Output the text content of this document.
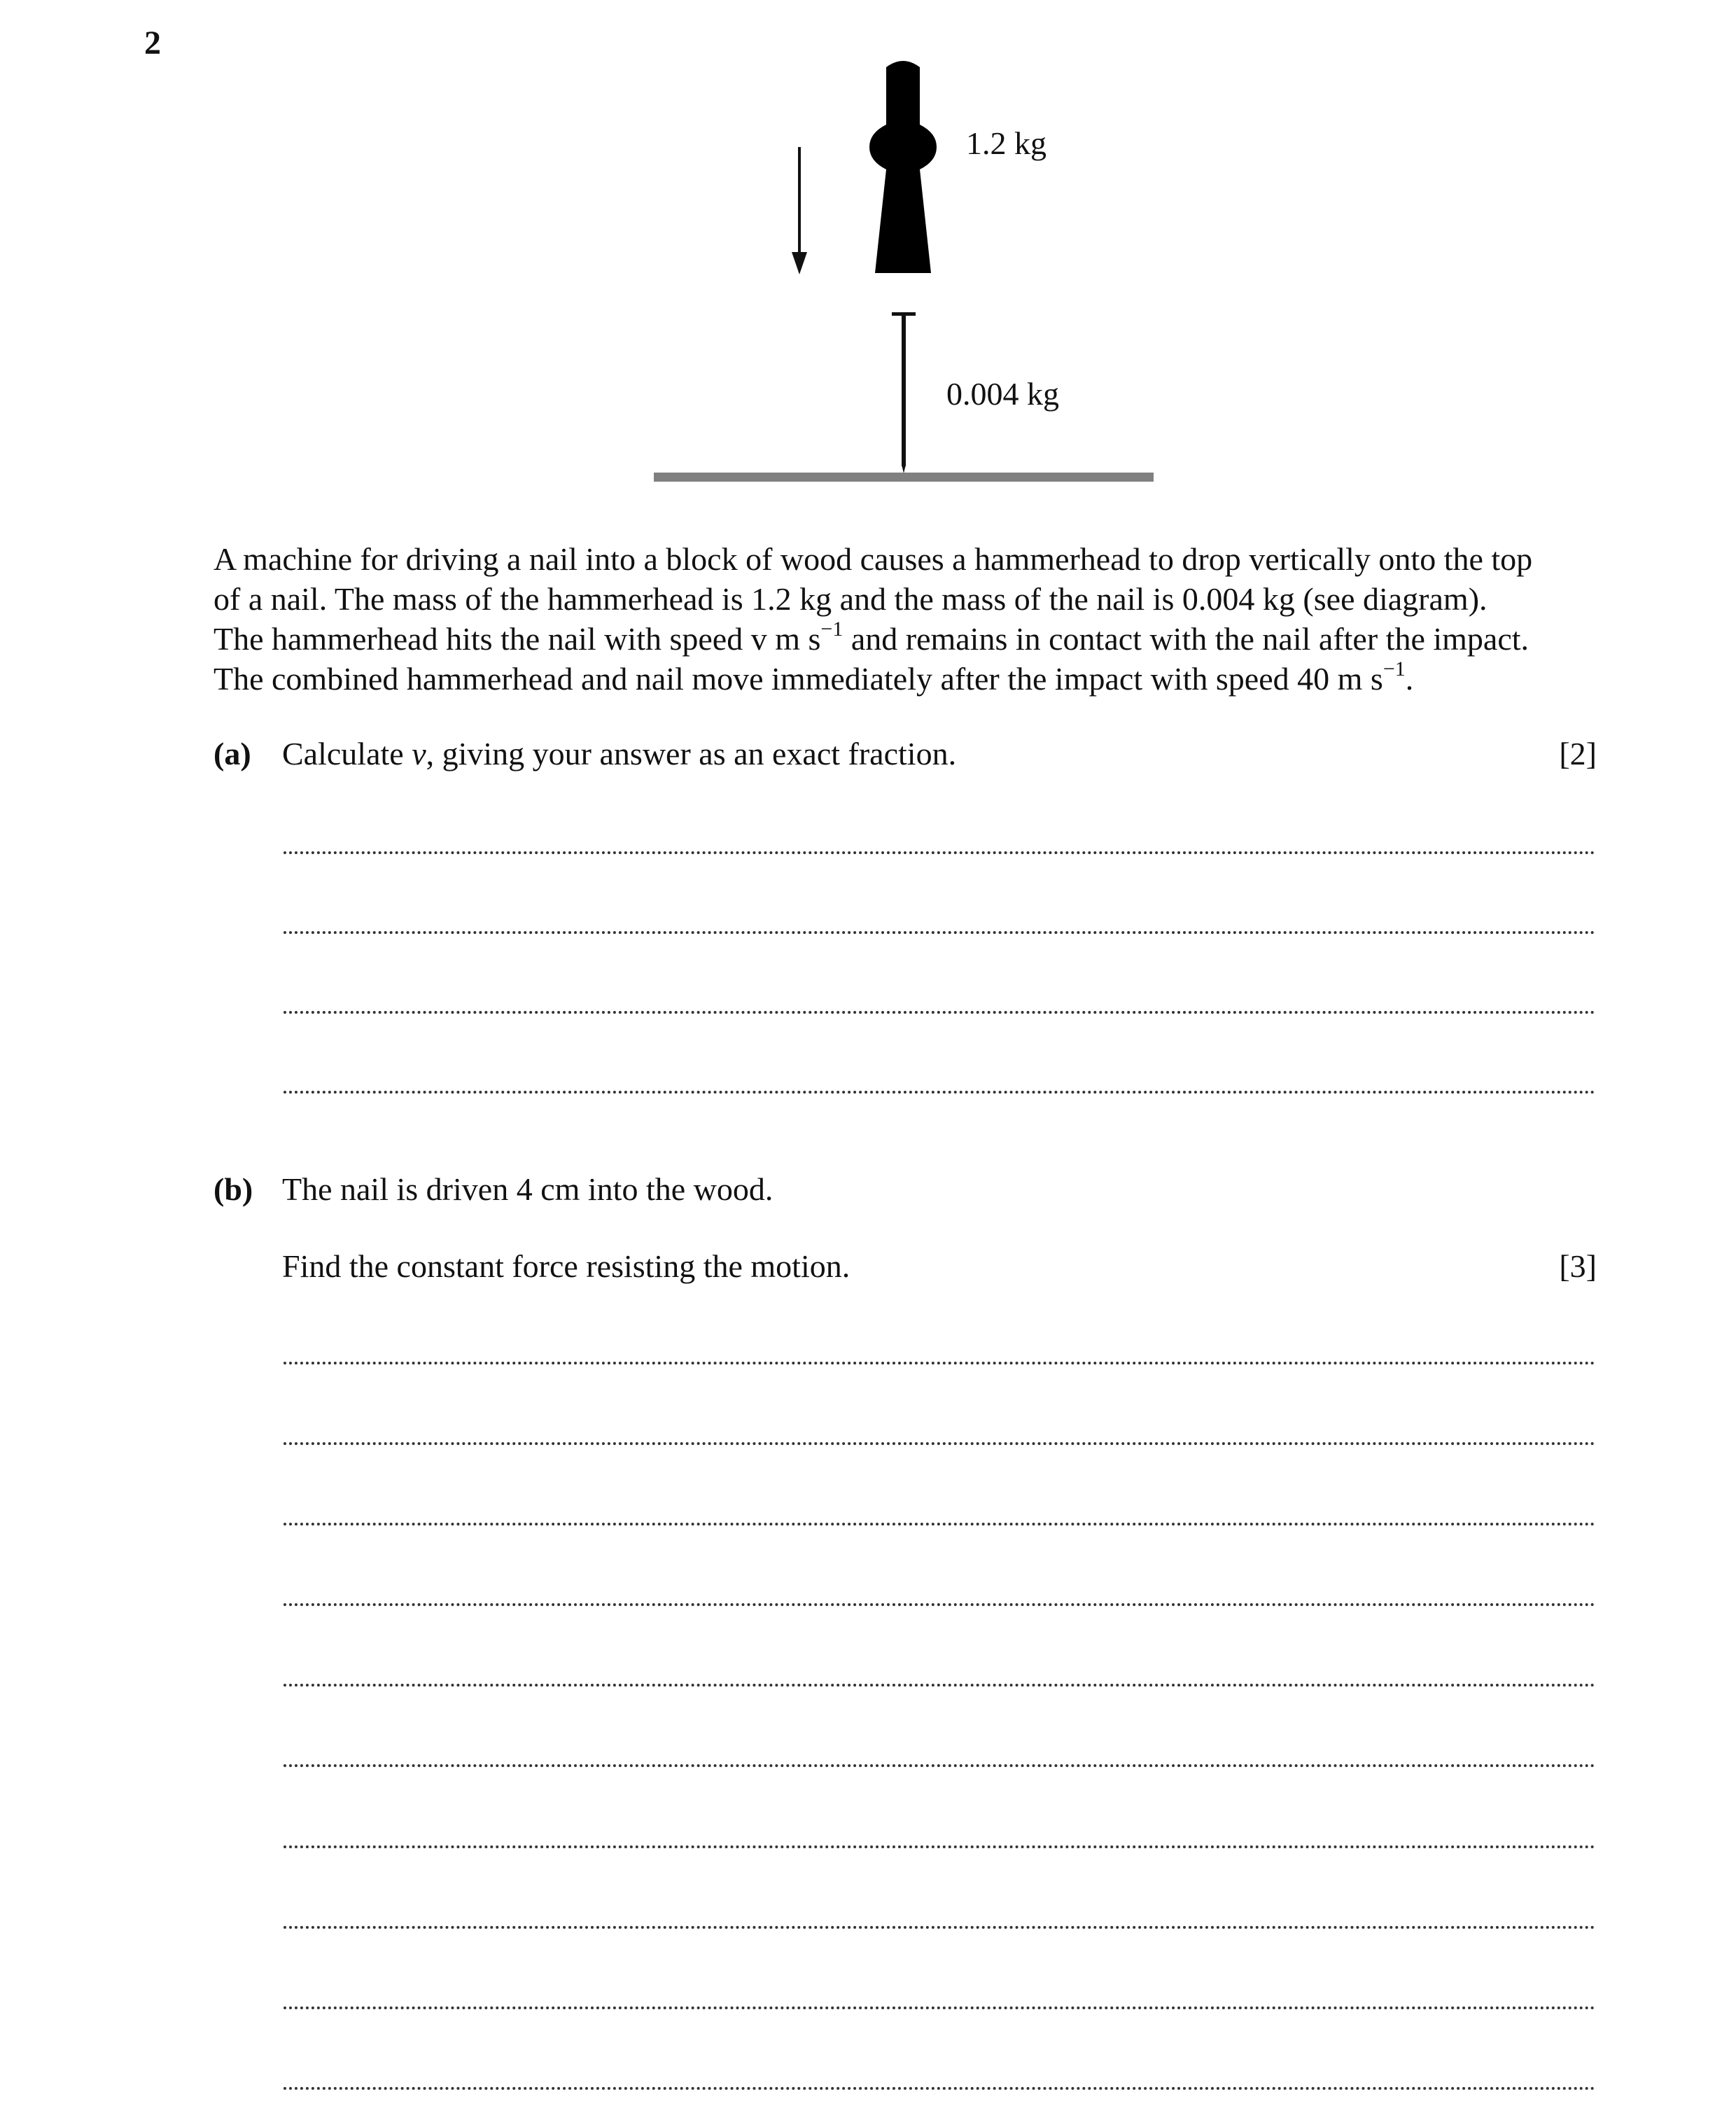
2
1.2 kg
0.004 kg

A machine for driving a nail into a block of wood causes a hammerhead to drop vertically onto the top

of a nail. The mass of the hammerhead is 1.2 kg and the mass of the nail is 0.004 kg (see diagram).

The hammerhead hits the nail with speed v m $s^{-1}$ and remains in contact with the nail after the impact.

The combined hammerhead and nail move immediately after the impact with speed 40 m $s^{-1}$.

(a) Calculate v, giving your answer as an exact fraction.	[2]
(b) The nail is driven 4 cm into the wood.
Find the constant force resisting the motion.	[3]
